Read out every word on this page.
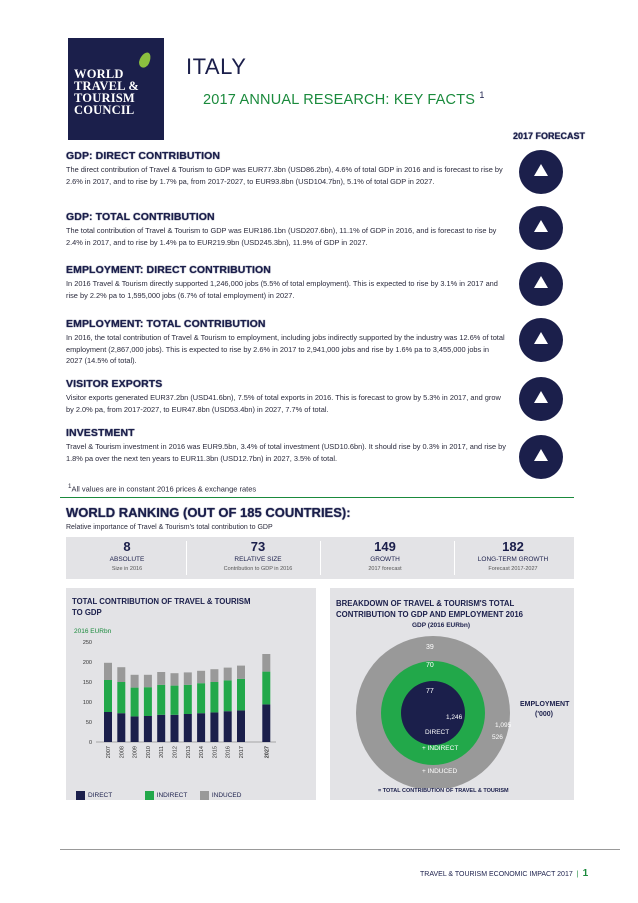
WORLD
TRAVEL &
TOURISM
COUNCIL
ITALY
2017 ANNUAL RESEARCH: KEY FACTS $^1$
2017 FORECAST
GDP: DIRECT CONTRIBUTION
The direct contribution of Travel & Tourism to GDP was EUR77.3bn (USD86.2bn), 4.6% of total GDP in 2016 and is forecast to rise by 2.6% in 2017, and to rise by 1.7% pa, from 2017-2027, to EUR93.8bn (USD104.7bn), 5.1% of total GDP in 2027.
GDP: TOTAL CONTRIBUTION
The total contribution of Travel & Tourism to GDP was EUR186.1bn (USD207.6bn), 11.1% of GDP in 2016, and is forecast to rise by 2.4% in 2017, and to rise by 1.4% pa to EUR219.9bn (USD245.3bn), 11.9% of GDP in 2027.
EMPLOYMENT: DIRECT CONTRIBUTION
In 2016 Travel & Tourism directly supported 1,246,000 jobs (5.5% of total employment). This is expected to rise by 3.1% in 2017 and rise by 2.2% pa to 1,595,000 jobs (6.7% of total employment) in 2027.
EMPLOYMENT: TOTAL CONTRIBUTION
In 2016, the total contribution of Travel & Tourism to employment, including jobs indirectly supported by the industry was 12.6% of total employment (2,867,000 jobs). This is expected to rise by 2.6% in 2017 to 2,941,000 jobs and rise by 1.6% pa to 3,455,000 jobs in 2027 (14.5% of total).
VISITOR EXPORTS
Visitor exports generated EUR37.2bn (USD41.6bn), 7.5% of total exports in 2016. This is forecast to grow by 5.3% in 2017, and grow by 2.0% pa, from 2017-2027, to EUR47.8bn (USD53.4bn) in 2027, 7.7% of total.
INVESTMENT
Travel & Tourism investment in 2016 was EUR9.5bn, 3.4% of total investment (USD10.6bn). It should rise by 0.3% in 2017, and rise by 1.8% pa over the next ten years to EUR11.3bn (USD12.7bn) in 2027, 3.5% of total.
$^1$All values are in constant 2016 prices & exchange rates
WORLD RANKING (OUT OF 185 COUNTRIES):
Relative importance of Travel & Tourism's total contribution to GDP
8
ABSOLUTE
Size in 2016
73
RELATIVE SIZE
Contribution to GDP in 2016
149
GROWTH
2017 forecast
182
LONG-TERM GROWTH
Forecast 2017-2027
TOTAL CONTRIBUTION OF TRAVEL & TOURISM TO GDP
2016 EURbn
0
50
100
150
200
250
2007 2008 2009 2010 2011 2012 2013 2014 2015 2016 2017	2027
DIRECT	INDIRECT	INDUCED
BREAKDOWN OF TRAVEL & TOURISM'S TOTAL CONTRIBUTION TO GDP AND EMPLOYMENT 2016
GDP (2016 EURbn)
39
70
77
1,246
1,095
526
DIRECT
+ INDIRECT
+ INDUCED
EMPLOYMENT ('000)
= TOTAL CONTRIBUTION OF TRAVEL & TOURISM
TRAVEL & TOURISM ECONOMIC IMPACT 2017 | 1
